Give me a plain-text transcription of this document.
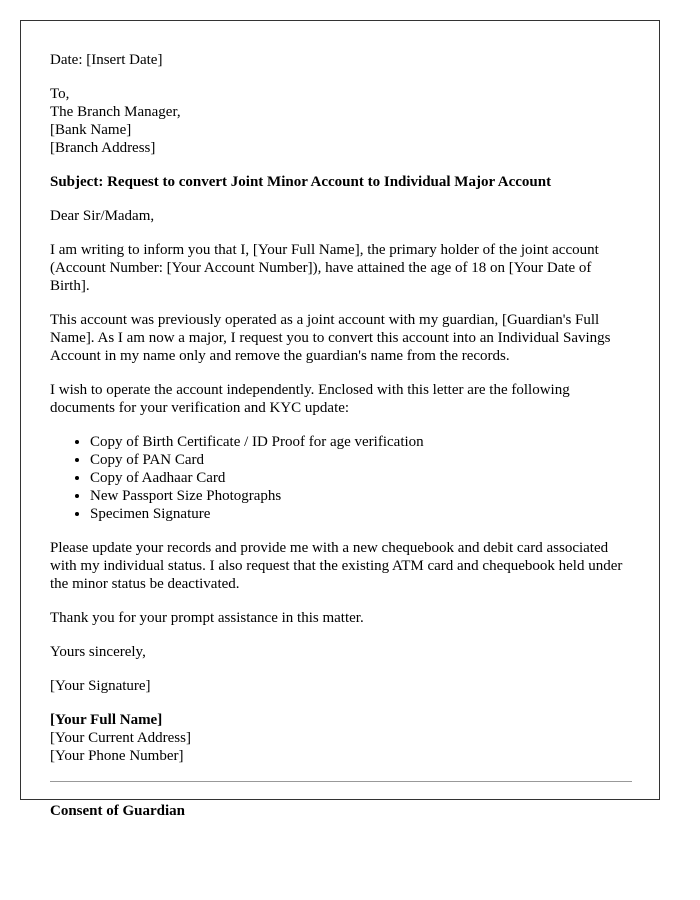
Date: [Insert Date]

To,
The Branch Manager,
[Bank Name]
[Branch Address]

Subject: Request to convert Joint Minor Account to Individual Major Account

Dear Sir/Madam,

I am writing to inform you that I, [Your Full Name], the primary holder of the joint account (Account Number: [Your Account Number]), have attained the age of 18 on [Your Date of Birth].

This account was previously operated as a joint account with my guardian, [Guardian's Full Name]. As I am now a major, I request you to convert this account into an Individual Savings Account in my name only and remove the guardian's name from the records.

I wish to operate the account independently. Enclosed with this letter are the following documents for your verification and KYC update:

• Copy of Birth Certificate / ID Proof for age verification
• Copy of PAN Card
• Copy of Aadhaar Card
• New Passport Size Photographs
• Specimen Signature

Please update your records and provide me with a new chequebook and debit card associated with my individual status. I also request that the existing ATM card and chequebook held under the minor status be deactivated.

Thank you for your prompt assistance in this matter.

Yours sincerely,

[Your Signature]

[Your Full Name]
[Your Current Address]
[Your Phone Number]
Consent of Guardian
